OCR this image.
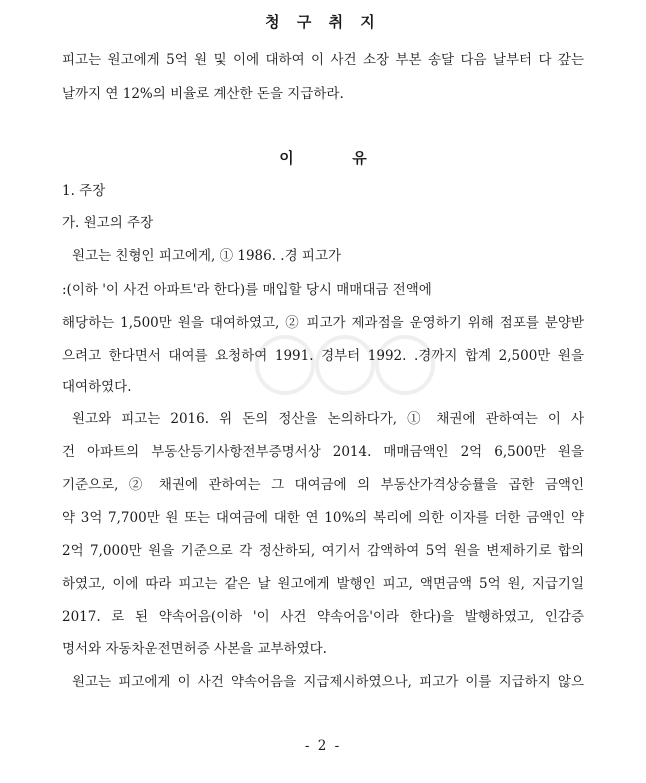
청 구 취 지
피고는 원고에게 5억 원 및 이에 대하여 이 사건 소장 부본 송달 다음 날부터 다 갚는
날까지 연 12%의 비율로 계산한 돈을 지급하라.
이	유
1. 주장
가. 원고의 주장
원고는 친형인 피고에게, ① 1986. .경 피고가
:(이하 '이 사건 아파트'라 한다)를 매입할 당시 매매대금 전액에
해당하는 1,500만 원을 대여하였고, ② 피고가 제과점을 운영하기 위해 점포를 분양받
으려고 한다면서 대여를 요청하여 1991. 경부터 1992. .경까지 합계 2,500만 원을
대여하였다.
원고와 피고는 2016. 위 돈의 정산을 논의하다가, ① 채권에 관하여는 이 사
건 아파트의 부동산등기사항전부증명서상 2014. 매매금액인 2억 6,500만 원을
기준으로, ② 채권에 관하여는 그 대여금에 의 부동산가격상승률을 곱한 금액인
약 3억 7,700만 원 또는 대여금에 대한 연 10%의 복리에 의한 이자를 더한 금액인 약
2억 7,000만 원을 기준으로 각 정산하되, 여기서 감액하여 5억 원을 변제하기로 합의
하였고, 이에 따라 피고는 같은 날 원고에게 발행인 피고, 액면금액 5억 원, 지급기일
2017. 로 된 약속어음(이하 '이 사건 약속어음'이라 한다)을 발행하였고, 인감증
명서와 자동차운전면허증 사본을 교부하였다.
원고는 피고에게 이 사건 약속어음을 지급제시하였으나, 피고가 이를 지급하지 않으
- 2 -
